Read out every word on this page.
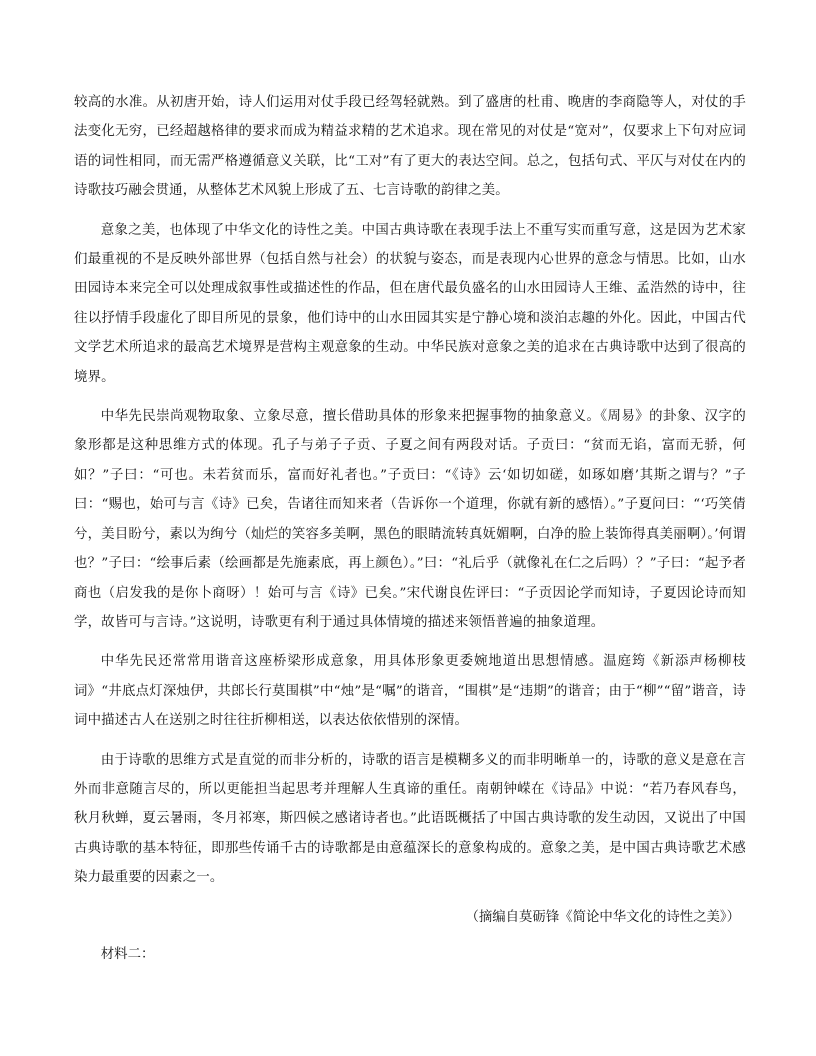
较高的水准。从初唐开始，诗人们运用对仗手段已经驾轻就熟。到了盛唐的杜甫、晚唐的李商隐等人，对仗的手法变化无穷，已经超越格律的要求而成为精益求精的艺术追求。现在常见的对仗是“宽对”，仅要求上下句对应词语的词性相同，而无需严格遵循意义关联，比“工对”有了更大的表达空间。总之，包括句式、平仄与对仗在内的诗歌技巧融会贯通，从整体艺术风貌上形成了五、七言诗歌的韵律之美。

意象之美，也体现了中华文化的诗性之美。中国古典诗歌在表现手法上不重写实而重写意，这是因为艺术家们最重视的不是反映外部世界（包括自然与社会）的状貌与姿态，而是表现内心世界的意念与情思。比如，山水田园诗本来完全可以处理成叙事性或描述性的作品，但在唐代最负盛名的山水田园诗人王维、孟浩然的诗中，往往以抒情手段虚化了即目所见的景象，他们诗中的山水田园其实是宁静心境和淡泊志趣的外化。因此，中国古代文学艺术所追求的最高艺术境界是营构主观意象的生动。中华民族对意象之美的追求在古典诗歌中达到了很高的境界。

中华先民崇尚观物取象、立象尽意，擅长借助具体的形象来把握事物的抽象意义。《周易》的卦象、汉字的象形都是这种思维方式的体现。孔子与弟子子贡、子夏之间有两段对话。子贡曰：“贫而无谄，富而无骄，何如？”子曰：“可也。未若贫而乐，富而好礼者也。”子贡曰：“《诗》云‘如切如磋，如琢如磨’其斯之谓与？”子曰：“赐也，始可与言《诗》已矣，告诸往而知来者（告诉你一个道理，你就有新的感悟）。”子夏问曰：“‘巧笑倩兮，美目盼兮，素以为绚兮（灿烂的笑容多美啊，黑色的眼睛流转真妩媚啊，白净的脸上装饰得真美丽啊）。’何谓也？”子曰：“绘事后素（绘画都是先施素底，再上颜色）。”曰：“礼后乎（就像礼在仁之后吗）？”子曰：“起予者商也（启发我的是你卜商呀）！始可与言《诗》已矣。”宋代谢良佐评曰：“子贡因论学而知诗，子夏因论诗而知学，故皆可与言诗。”这说明，诗歌更有利于通过具体情境的描述来领悟普遍的抽象道理。

中华先民还常常用谐音这座桥梁形成意象，用具体形象更委婉地道出思想情感。温庭筠《新添声杨柳枝词》“井底点灯深烛伊，共郎长行莫围棋”中“烛”是“嘱”的谐音，“围棋”是“违期”的谐音；由于“柳”“留”谐音，诗词中描述古人在送别之时往往折柳相送，以表达依依惜别的深情。

由于诗歌的思维方式是直觉的而非分析的，诗歌的语言是模糊多义的而非明晰单一的，诗歌的意义是意在言外而非意随言尽的，所以更能担当起思考并理解人生真谛的重任。南朝钟嵘在《诗品》中说：“若乃春风春鸟，秋月秋蝉，夏云暑雨，冬月祁寒，斯四候之感诸诗者也。”此语既概括了中国古典诗歌的发生动因，又说出了中国古典诗歌的基本特征，即那些传诵千古的诗歌都是由意蕴深长的意象构成的。意象之美，是中国古典诗歌艺术感染力最重要的因素之一。

（摘编自莫砺锋《简论中华文化的诗性之美》）
材料二：
